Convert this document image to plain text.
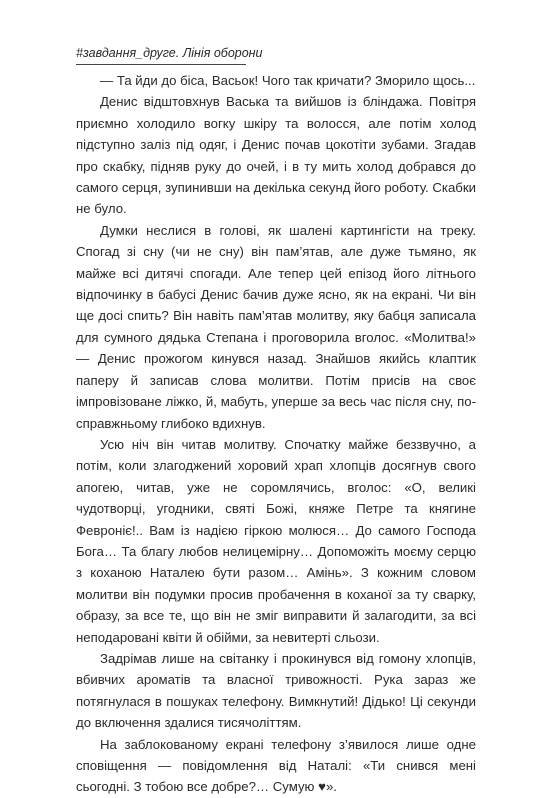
#завдання_друге. Лінія оборони

— Та йди до біса, Васьок! Чого так кричати? Зморило щось...

Денис відштовхнув Васька та вийшов із бліндажа. Повітря приємно холодило вогку шкіру та волосся, але потім холод підступно заліз під одяг, і Денис почав цокотіти зубами. Згадав про скабку, підняв руку до очей, і в ту мить холод добрався до самого серця, зупинивши на декілька секунд його роботу. Скабки не було.

Думки неслися в голові, як шалені картингісти на треку. Спогад зі сну (чи не сну) він пам’ятав, але дуже тьмяно, як майже всі дитячі спогади. Але тепер цей епізод його літнього відпочинку в бабусі Денис бачив дуже ясно, як на екрані. Чи він ще досі спить? Він навіть пам’ятав молитву, яку бабця записала для сумного дядька Степана і проговорила вголос. «Молитва!» — Денис прожогом кинувся назад. Знайшов якийсь клаптик паперу й записав слова молитви. Потім присів на своє імпровізоване ліжко, й, мабуть, уперше за весь час після сну, по-справжньому глибоко вдихнув.

Усю ніч він читав молитву. Спочатку майже беззвучно, а потім, коли злагоджений хоровий храп хлопців досягнув свого апогею, читав, уже не соромлячись, вголос: «О, великі чудотворці, угодники, святі Божі, княже Петре та княгине Февроніє!.. Вам із надією гіркою молюся… До самого Господа Бога… Та благу любов нелицемірну… Допоможіть моєму серцю з коханою Наталею бути разом… Амінь». З кожним словом молитви він подумки просив пробачення в коханої за ту сварку, образу, за все те, що він не зміг виправити й залагодити, за всі неподаровані квіти й обійми, за невитерті сльози.

Задрімав лише на світанку і прокинувся від гомону хлопців, вбивчих ароматів та власної тривожності. Рука зараз же потягнулася в пошуках телефону. Вимкнутий! Дідько! Ці секунди до включення здалися тисячоліттям.

На заблокованому екрані телефону з’явилося лише одне сповіщення — повідомлення від Наталі: «Ти снився мені сьогодні. З тобою все добре?… Сумую ♥».
